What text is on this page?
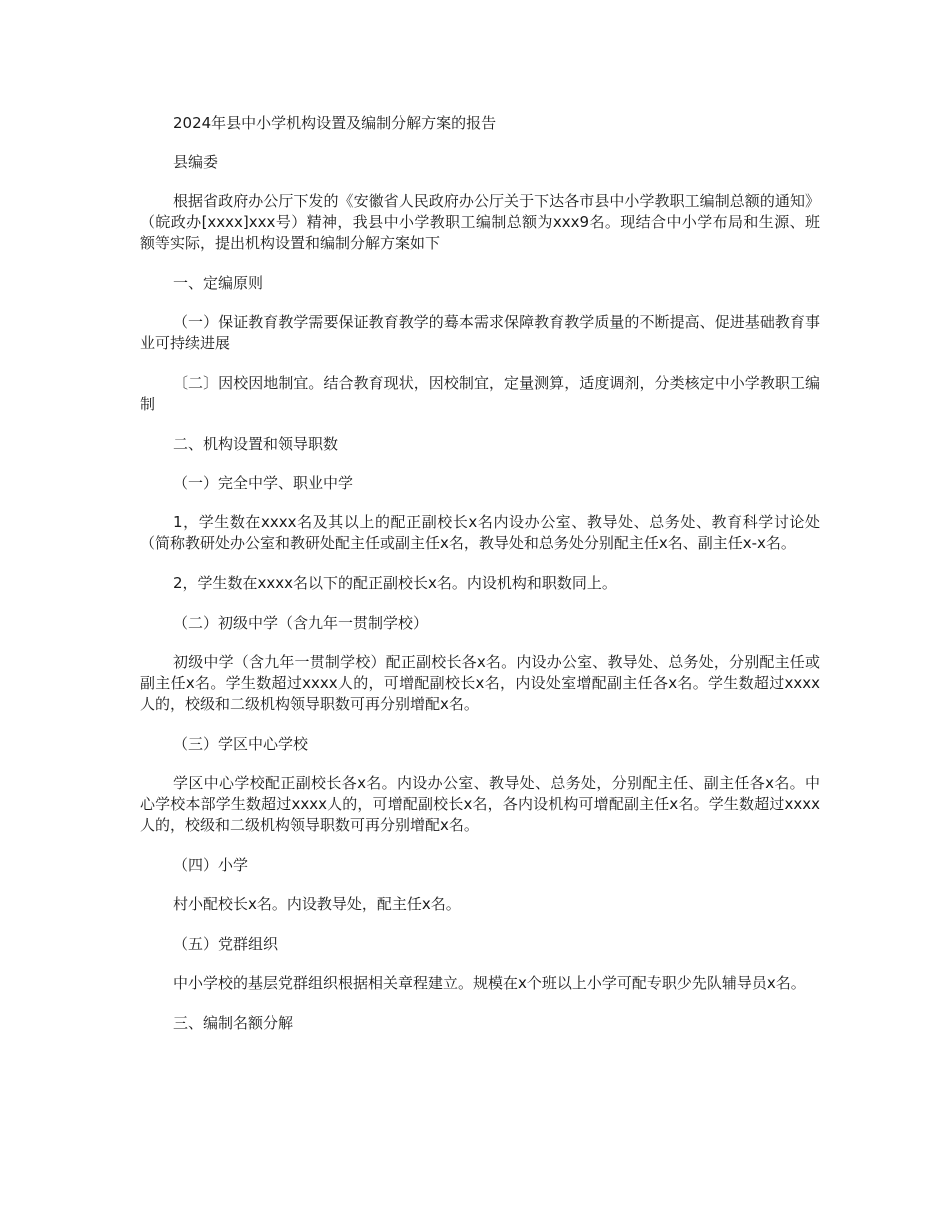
2024年县中小学机构设置及编制分解方案的报告

县编委

根据省政府办公厅下发的《安徽省人民政府办公厅关于下达各市县中小学教职工编制总额的通知》（皖政办[xxxx]xxx号）精神，我县中小学教职工编制总额为xxx9名。现结合中小学布局和生源、班额等实际，提出机构设置和编制分解方案如下

一、定编原则

（一）保证教育教学需要保证教育教学的蓦本需求保障教育教学质量的不断提高、促进基础教育事业可持续进展

〔二〕因校因地制宜。结合教育现状，因校制宜，定量测算，适度调剂，分类核定中小学教职工编制

二、机构设置和领导职数

（一）完全中学、职业中学

1，学生数在xxxx名及其以上的配正副校长x名内设办公室、教导处、总务处、教育科学讨论处（简称教研处办公室和教研处配主任或副主任x名，教导处和总务处分别配主任x名、副主任x-x名。

2，学生数在xxxx名以下的配正副校长x名。内设机构和职数同上。

（二）初级中学（含九年一贯制学校）

初级中学（含九年一贯制学校）配正副校长各x名。内设办公室、教导处、总务处，分别配主任或副主任x名。学生数超过xxxx人的，可增配副校长x名，内设处室增配副主任各x名。学生数超过xxxx人的，校级和二级机构领导职数可再分别增配x名。

（三）学区中心学校

学区中心学校配正副校长各x名。内设办公室、教导处、总务处，分别配主任、副主任各x名。中心学校本部学生数超过xxxx人的，可增配副校长x名，各内设机构可增配副主任x名。学生数超过xxxx人的，校级和二级机构领导职数可再分别增配x名。

（四）小学

村小配校长x名。内设教导处，配主任x名。

（五）党群组织

中小学校的基层党群组织根据相关章程建立。规模在x个班以上小学可配专职少先队辅导员x名。

三、编制名额分解
